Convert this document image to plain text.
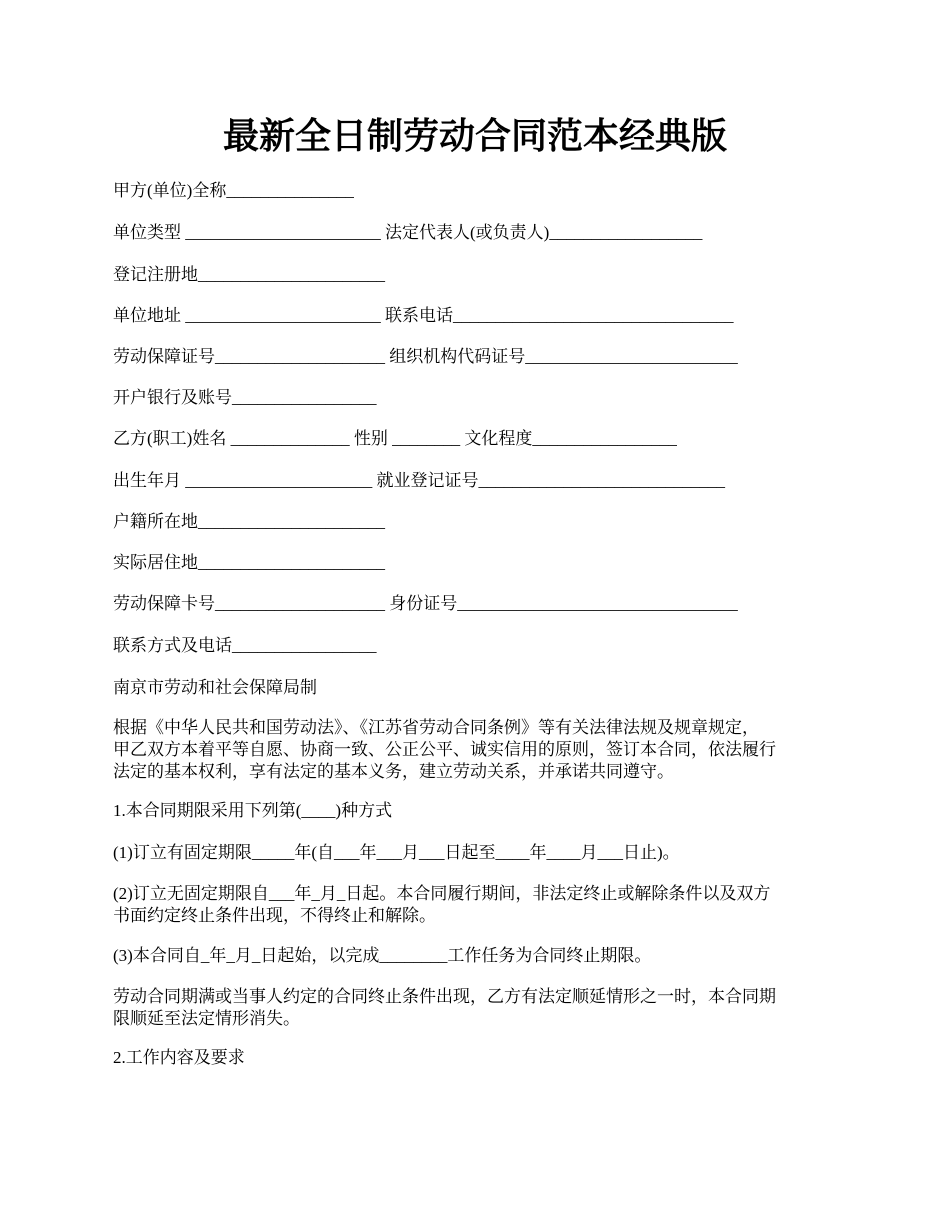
最新全日制劳动合同范本经典版

甲方(单位)全称_______________

单位类型 _______________________ 法定代表人(或负责人)__________________

登记注册地______________________

单位地址 _______________________ 联系电话_________________________________

劳动保障证号____________________ 组织机构代码证号_________________________

开户银行及账号_________________

乙方(职工)姓名 ______________ 性别 ________ 文化程度_________________

出生年月 ______________________ 就业登记证号_____________________________

户籍所在地______________________

实际居住地______________________

劳动保障卡号____________________ 身份证号_________________________________

联系方式及电话_________________

南京市劳动和社会保障局制

根据《中华人民共和国劳动法》、《江苏省劳动合同条例》等有关法律法规及规章规定，
甲乙双方本着平等自愿、协商一致、公正公平、诚实信用的原则，签订本合同，依法履行
法定的基本权利，享有法定的基本义务，建立劳动关系，并承诺共同遵守。

1.本合同期限采用下列第(____)种方式

(1)订立有固定期限_____年(自___年___月___日起至____年____月___日止)。

(2)订立无固定期限自___年_月_日起。本合同履行期间，非法定终止或解除条件以及双方
书面约定终止条件出现，不得终止和解除。

(3)本合同自_年_月_日起始，以完成________工作任务为合同终止期限。

劳动合同期满或当事人约定的合同终止条件出现，乙方有法定顺延情形之一时，本合同期
限顺延至法定情形消失。

2.工作内容及要求
